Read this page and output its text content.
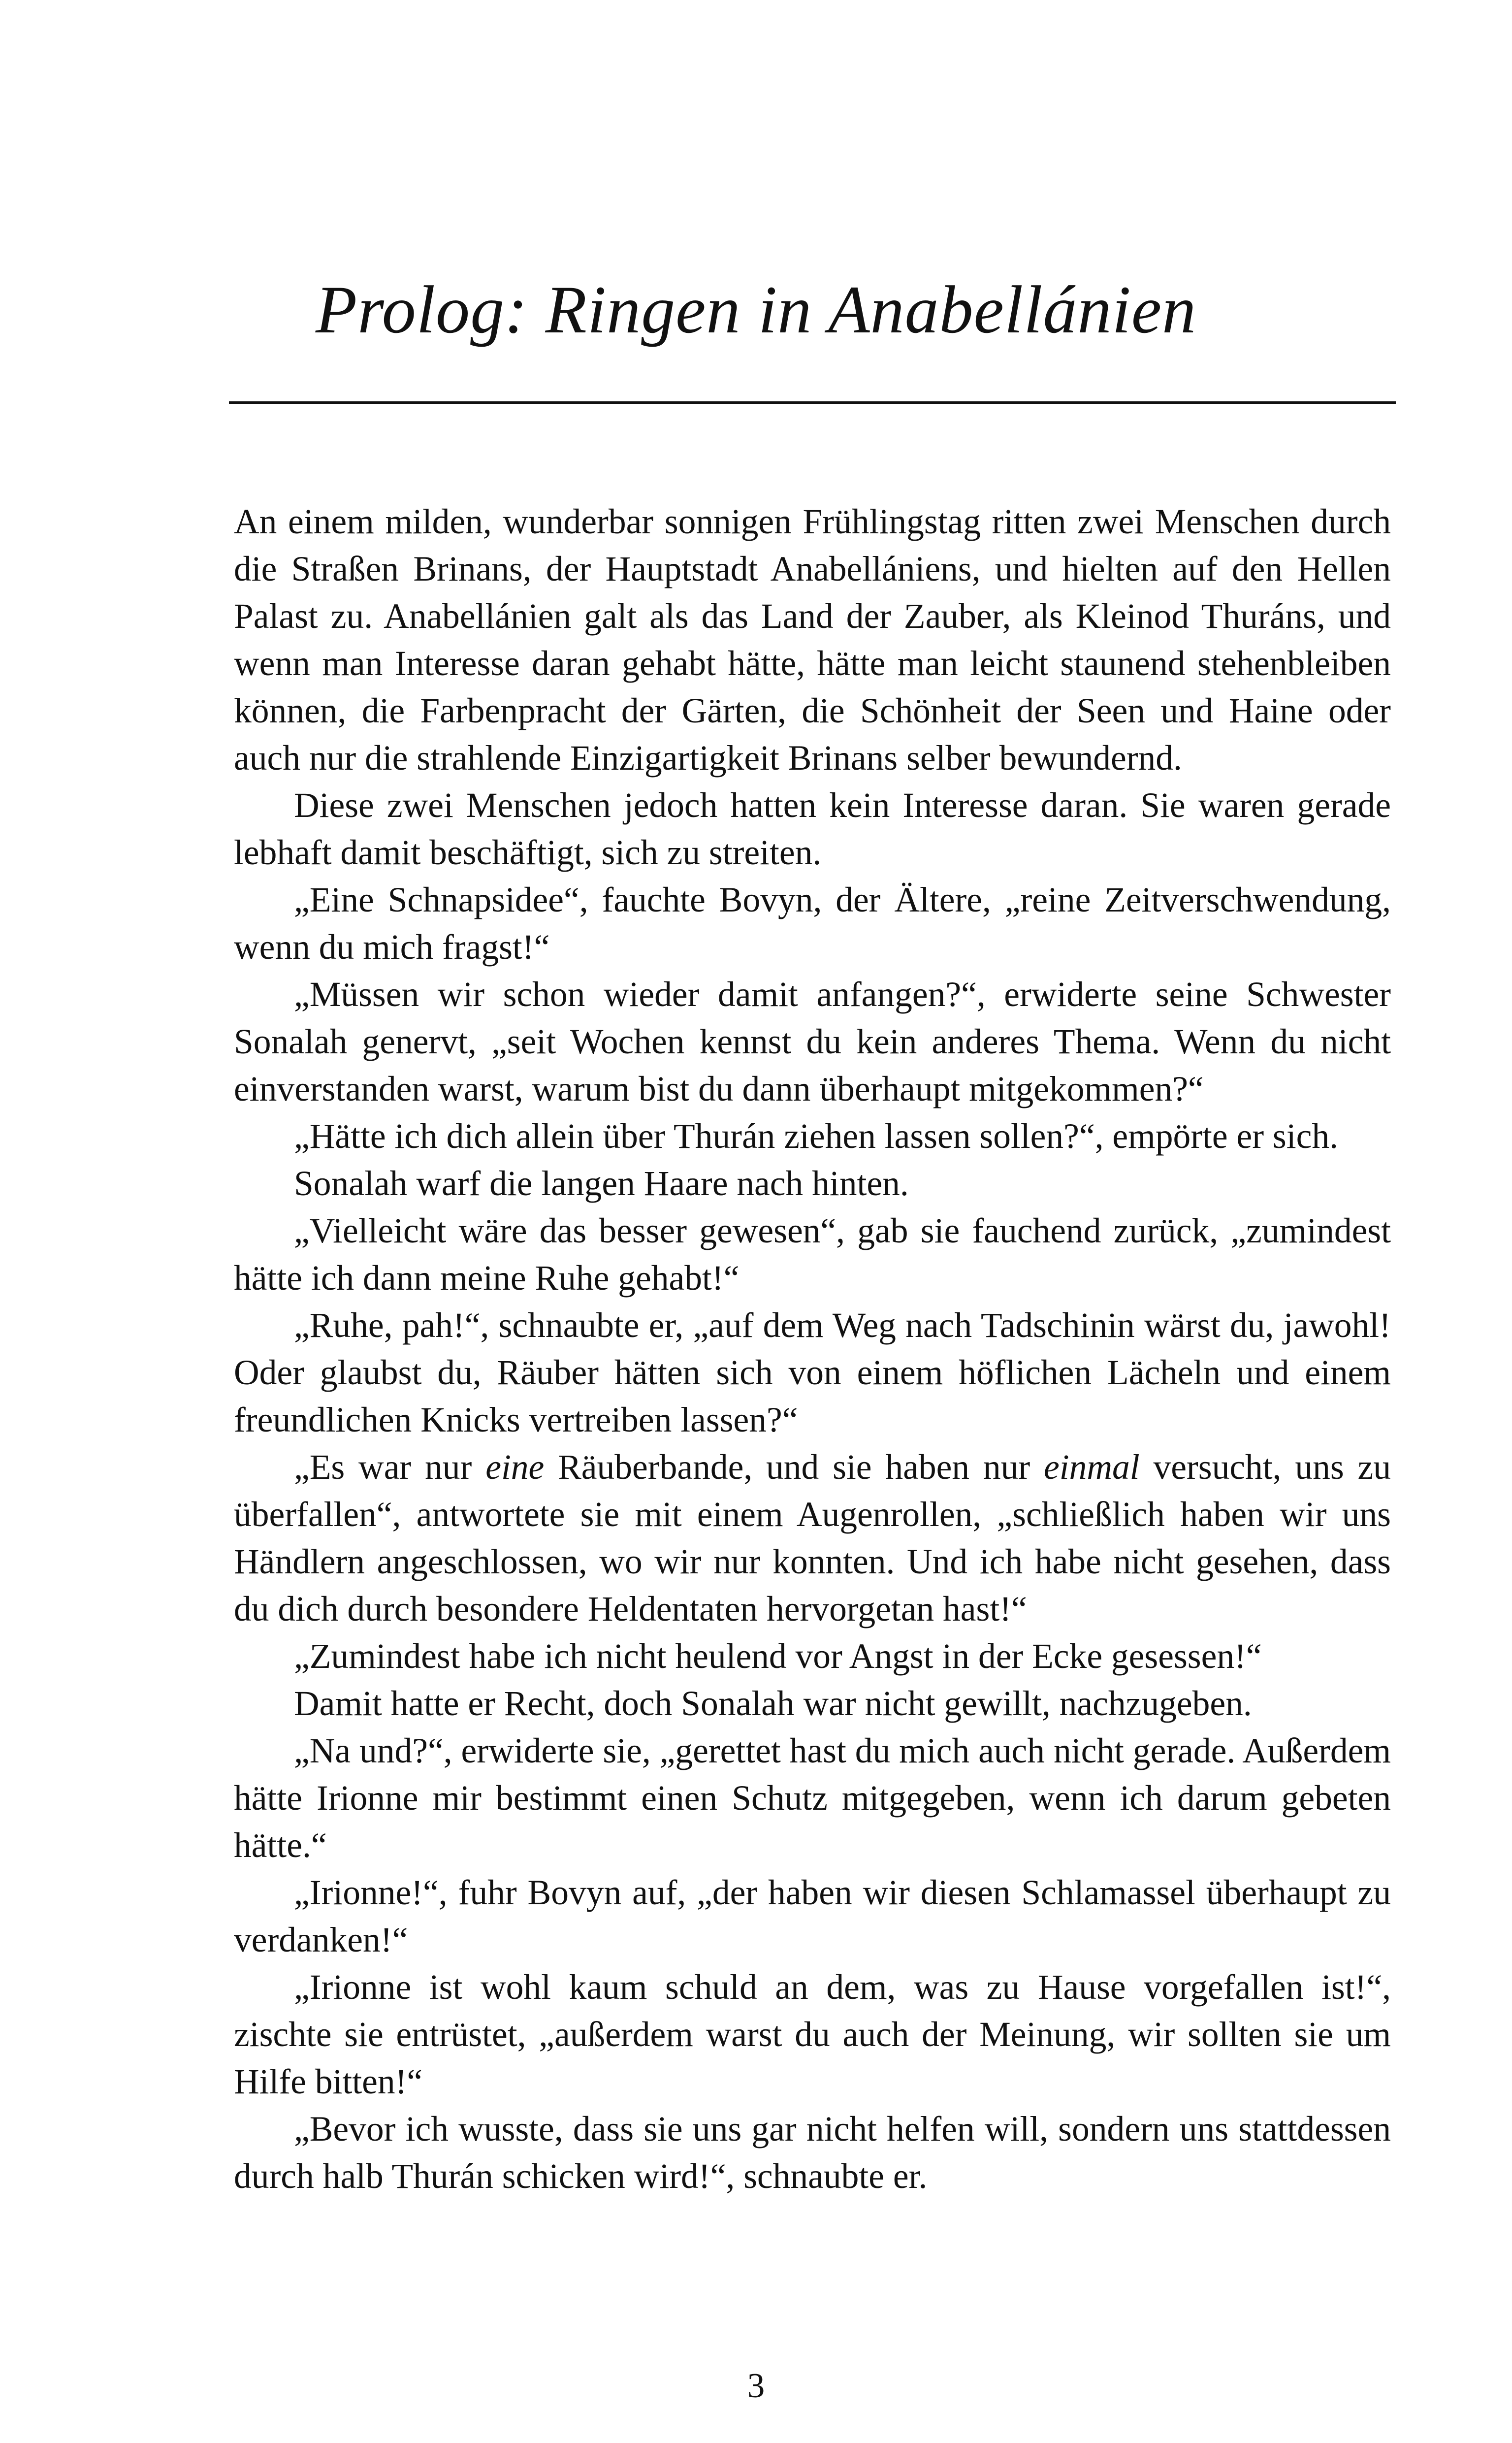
Prolog: Ringen in Anabellánien

An einem milden, wunderbar sonnigen Frühlingstag ritten zwei Menschen durch die Straßen Brinans, der Hauptstadt Anabellániens, und hielten auf den Hellen Palast zu. Anabellánien galt als das Land der Zauber, als Kleinod Thuráns, und wenn man Interesse daran gehabt hätte, hätte man leicht staunend stehenbleiben können, die Farbenpracht der Gärten, die Schönheit der Seen und Haine oder auch nur die strahlende Einzigartigkeit Brinans selber bewundernd.

Diese zwei Menschen jedoch hatten kein Interesse daran. Sie waren gerade lebhaft damit beschäftigt, sich zu streiten.

„Eine Schnapsidee“, fauchte Bovyn, der Ältere, „reine Zeitverschwendung, wenn du mich fragst!“

„Müssen wir schon wieder damit anfangen?“, erwiderte seine Schwester Sonalah genervt, „seit Wochen kennst du kein anderes Thema. Wenn du nicht einverstanden warst, warum bist du dann überhaupt mitgekommen?“

„Hätte ich dich allein über Thurán ziehen lassen sollen?“, empörte er sich.

Sonalah warf die langen Haare nach hinten.

„Vielleicht wäre das besser gewesen“, gab sie fauchend zurück, „zumindest hätte ich dann meine Ruhe gehabt!“

„Ruhe, pah!“, schnaubte er, „auf dem Weg nach Tadschinin wärst du, jawohl! Oder glaubst du, Räuber hätten sich von einem höflichen Lächeln und einem freundlichen Knicks vertreiben lassen?“

„Es war nur eine Räuberbande, und sie haben nur einmal versucht, uns zu überfallen“, antwortete sie mit einem Augenrollen, „schließlich haben wir uns Händlern angeschlossen, wo wir nur konnten. Und ich habe nicht gesehen, dass du dich durch besondere Heldentaten hervorgetan hast!“

„Zumindest habe ich nicht heulend vor Angst in der Ecke gesessen!“

Damit hatte er Recht, doch Sonalah war nicht gewillt, nachzugeben.

„Na und?“, erwiderte sie, „gerettet hast du mich auch nicht gerade. Außerdem hätte Irionne mir bestimmt einen Schutz mitgegeben, wenn ich darum gebeten hätte.“

„Irionne!“, fuhr Bovyn auf, „der haben wir diesen Schlamassel überhaupt zu verdanken!“

„Irionne ist wohl kaum schuld an dem, was zu Hause vorgefallen ist!“, zischte sie entrüstet, „außerdem warst du auch der Meinung, wir sollten sie um Hilfe bitten!“

„Bevor ich wusste, dass sie uns gar nicht helfen will, sondern uns stattdessen durch halb Thurán schicken wird!“, schnaubte er.

3
